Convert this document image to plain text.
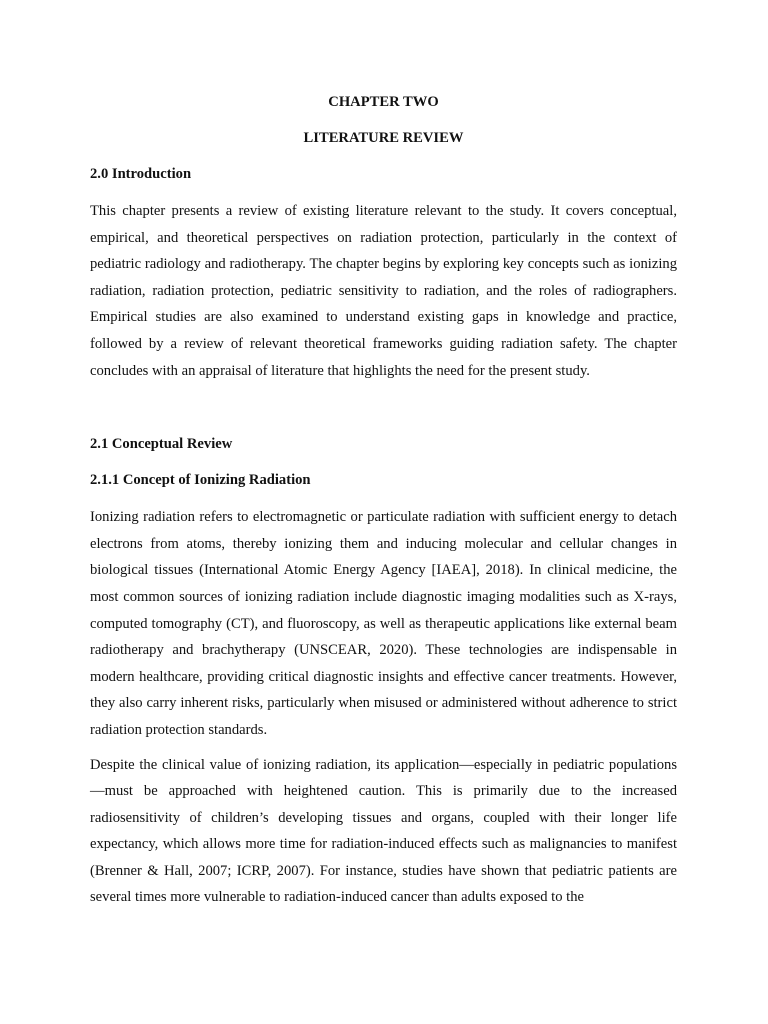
CHAPTER TWO
LITERATURE REVIEW
2.0 Introduction

This chapter presents a review of existing literature relevant to the study. It covers conceptual, empirical, and theoretical perspectives on radiation protection, particularly in the context of pediatric radiology and radiotherapy. The chapter begins by exploring key concepts such as ionizing radiation, radiation protection, pediatric sensitivity to radiation, and the roles of radiographers. Empirical studies are also examined to understand existing gaps in knowledge and practice, followed by a review of relevant theoretical frameworks guiding radiation safety. The chapter concludes with an appraisal of literature that highlights the need for the present study.

2.1 Conceptual Review
2.1.1 Concept of Ionizing Radiation

Ionizing radiation refers to electromagnetic or particulate radiation with sufficient energy to detach electrons from atoms, thereby ionizing them and inducing molecular and cellular changes in biological tissues (International Atomic Energy Agency [IAEA], 2018). In clinical medicine, the most common sources of ionizing radiation include diagnostic imaging modalities such as X-rays, computed tomography (CT), and fluoroscopy, as well as therapeutic applications like external beam radiotherapy and brachytherapy (UNSCEAR, 2020). These technologies are indispensable in modern healthcare, providing critical diagnostic insights and effective cancer treatments. However, they also carry inherent risks, particularly when misused or administered without adherence to strict radiation protection standards.

Despite the clinical value of ionizing radiation, its application—especially in pediatric populations—must be approached with heightened caution. This is primarily due to the increased radiosensitivity of children’s developing tissues and organs, coupled with their longer life expectancy, which allows more time for radiation-induced effects such as malignancies to manifest (Brenner & Hall, 2007; ICRP, 2007). For instance, studies have shown that pediatric patients are several times more vulnerable to radiation-induced cancer than adults exposed to the
